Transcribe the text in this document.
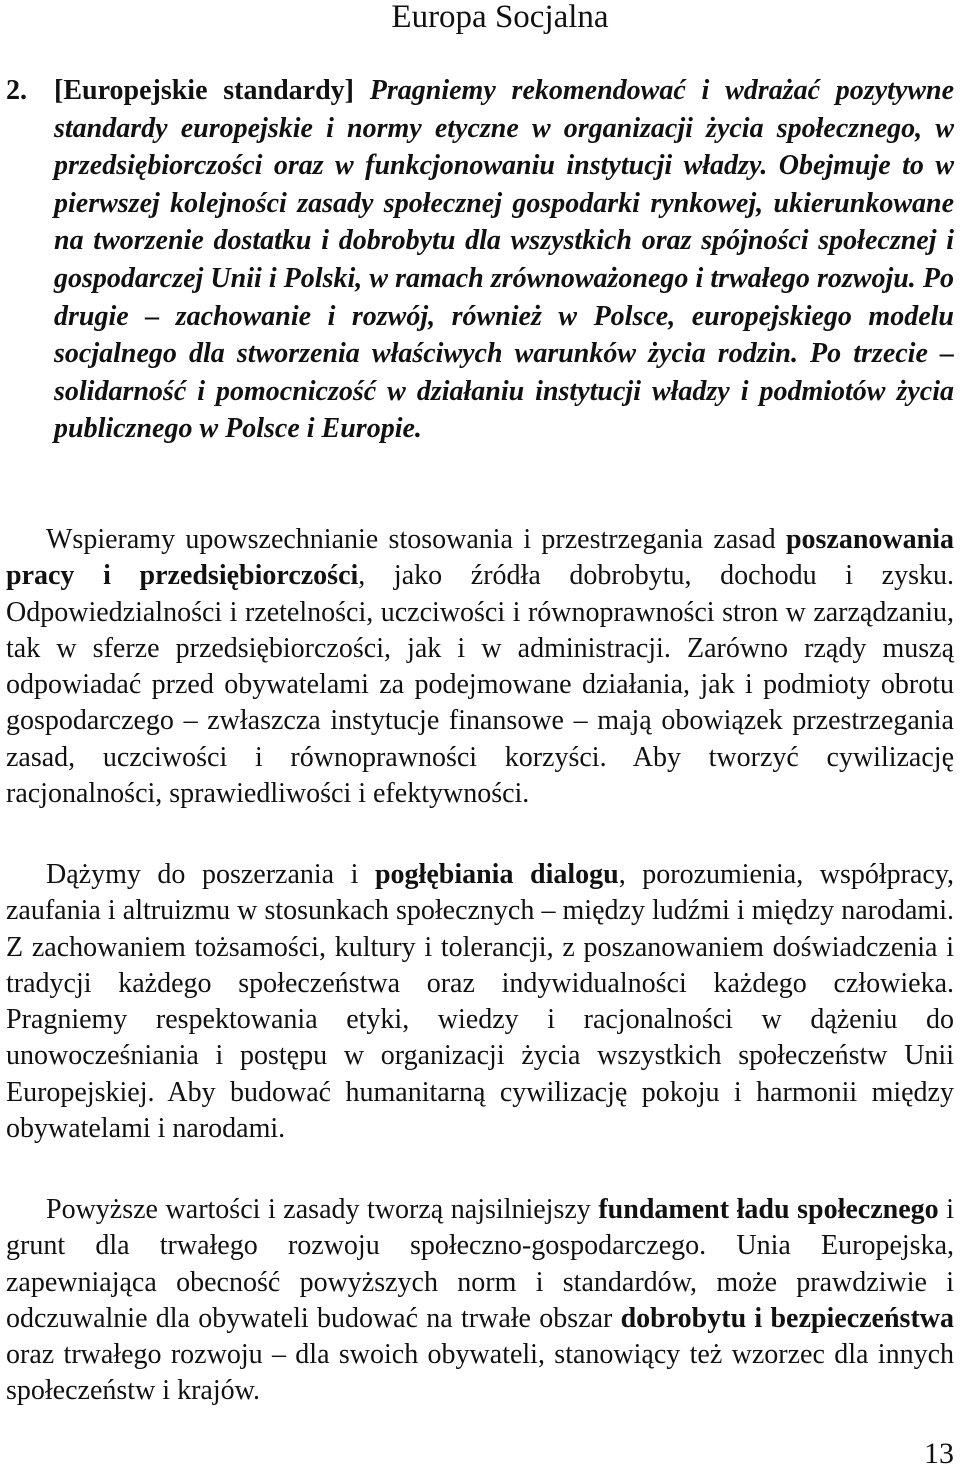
Europa Socjalna
2. [Europejskie standardy] Pragniemy rekomendować i wdrażać pozytywne standardy europejskie i normy etyczne w organizacji życia społecznego, w przedsiębiorczości oraz w funkcjonowaniu instytucji władzy. Obejmuje to w pierwszej kolejności zasady społecznej gospodarki rynkowej, ukierunkowane na tworzenie dostatku i dobrobytu dla wszystkich oraz spójności społecznej i gospodarczej Unii i Polski, w ramach zrównoważonego i trwałego rozwoju. Po drugie – zachowanie i rozwój, również w Polsce, europejskiego modelu socjalnego dla stworzenia właściwych warunków życia rodzin. Po trzecie – solidarność i pomocniczość w działaniu instytucji władzy i podmiotów życia publicznego w Polsce i Europie.

Wspieramy upowszechnianie stosowania i przestrzegania zasad poszanowania pracy i przedsiębiorczości, jako źródła dobrobytu, dochodu i zysku. Odpowiedzialności i rzetelności, uczciwości i równoprawności stron w zarządzaniu, tak w sferze przedsiębiorczości, jak i w administracji. Zarówno rządy muszą odpowiadać przed obywatelami za podejmowane działania, jak i podmioty obrotu gospodarczego – zwłaszcza instytucje finansowe – mają obowiązek przestrzegania zasad, uczciwości i równoprawności korzyści. Aby tworzyć cywilizację racjonalności, sprawiedliwości i efektywności.

Dążymy do poszerzania i pogłębiania dialogu, porozumienia, współpracy, zaufania i altruizmu w stosunkach społecznych – między ludźmi i między narodami. Z zachowaniem tożsamości, kultury i tolerancji, z poszanowaniem doświadczenia i tradycji każdego społeczeństwa oraz indywidualności każdego człowieka. Pragniemy respektowania etyki, wiedzy i racjonalności w dążeniu do unowocześniania i postępu w organizacji życia wszystkich społeczeństw Unii Europejskiej. Aby budować humanitarną cywilizację pokoju i harmonii między obywatelami i narodami.

Powyższe wartości i zasady tworzą najsilniejszy fundament ładu społecznego i grunt dla trwałego rozwoju społeczno-gospodarczego. Unia Europejska, zapewniająca obecność powyższych norm i standardów, może prawdziwie i odczuwalnie dla obywateli budować na trwałe obszar dobrobytu i bezpieczeństwa oraz trwałego rozwoju – dla swoich obywateli, stanowiący też wzorzec dla innych społeczeństw i krajów.

13
